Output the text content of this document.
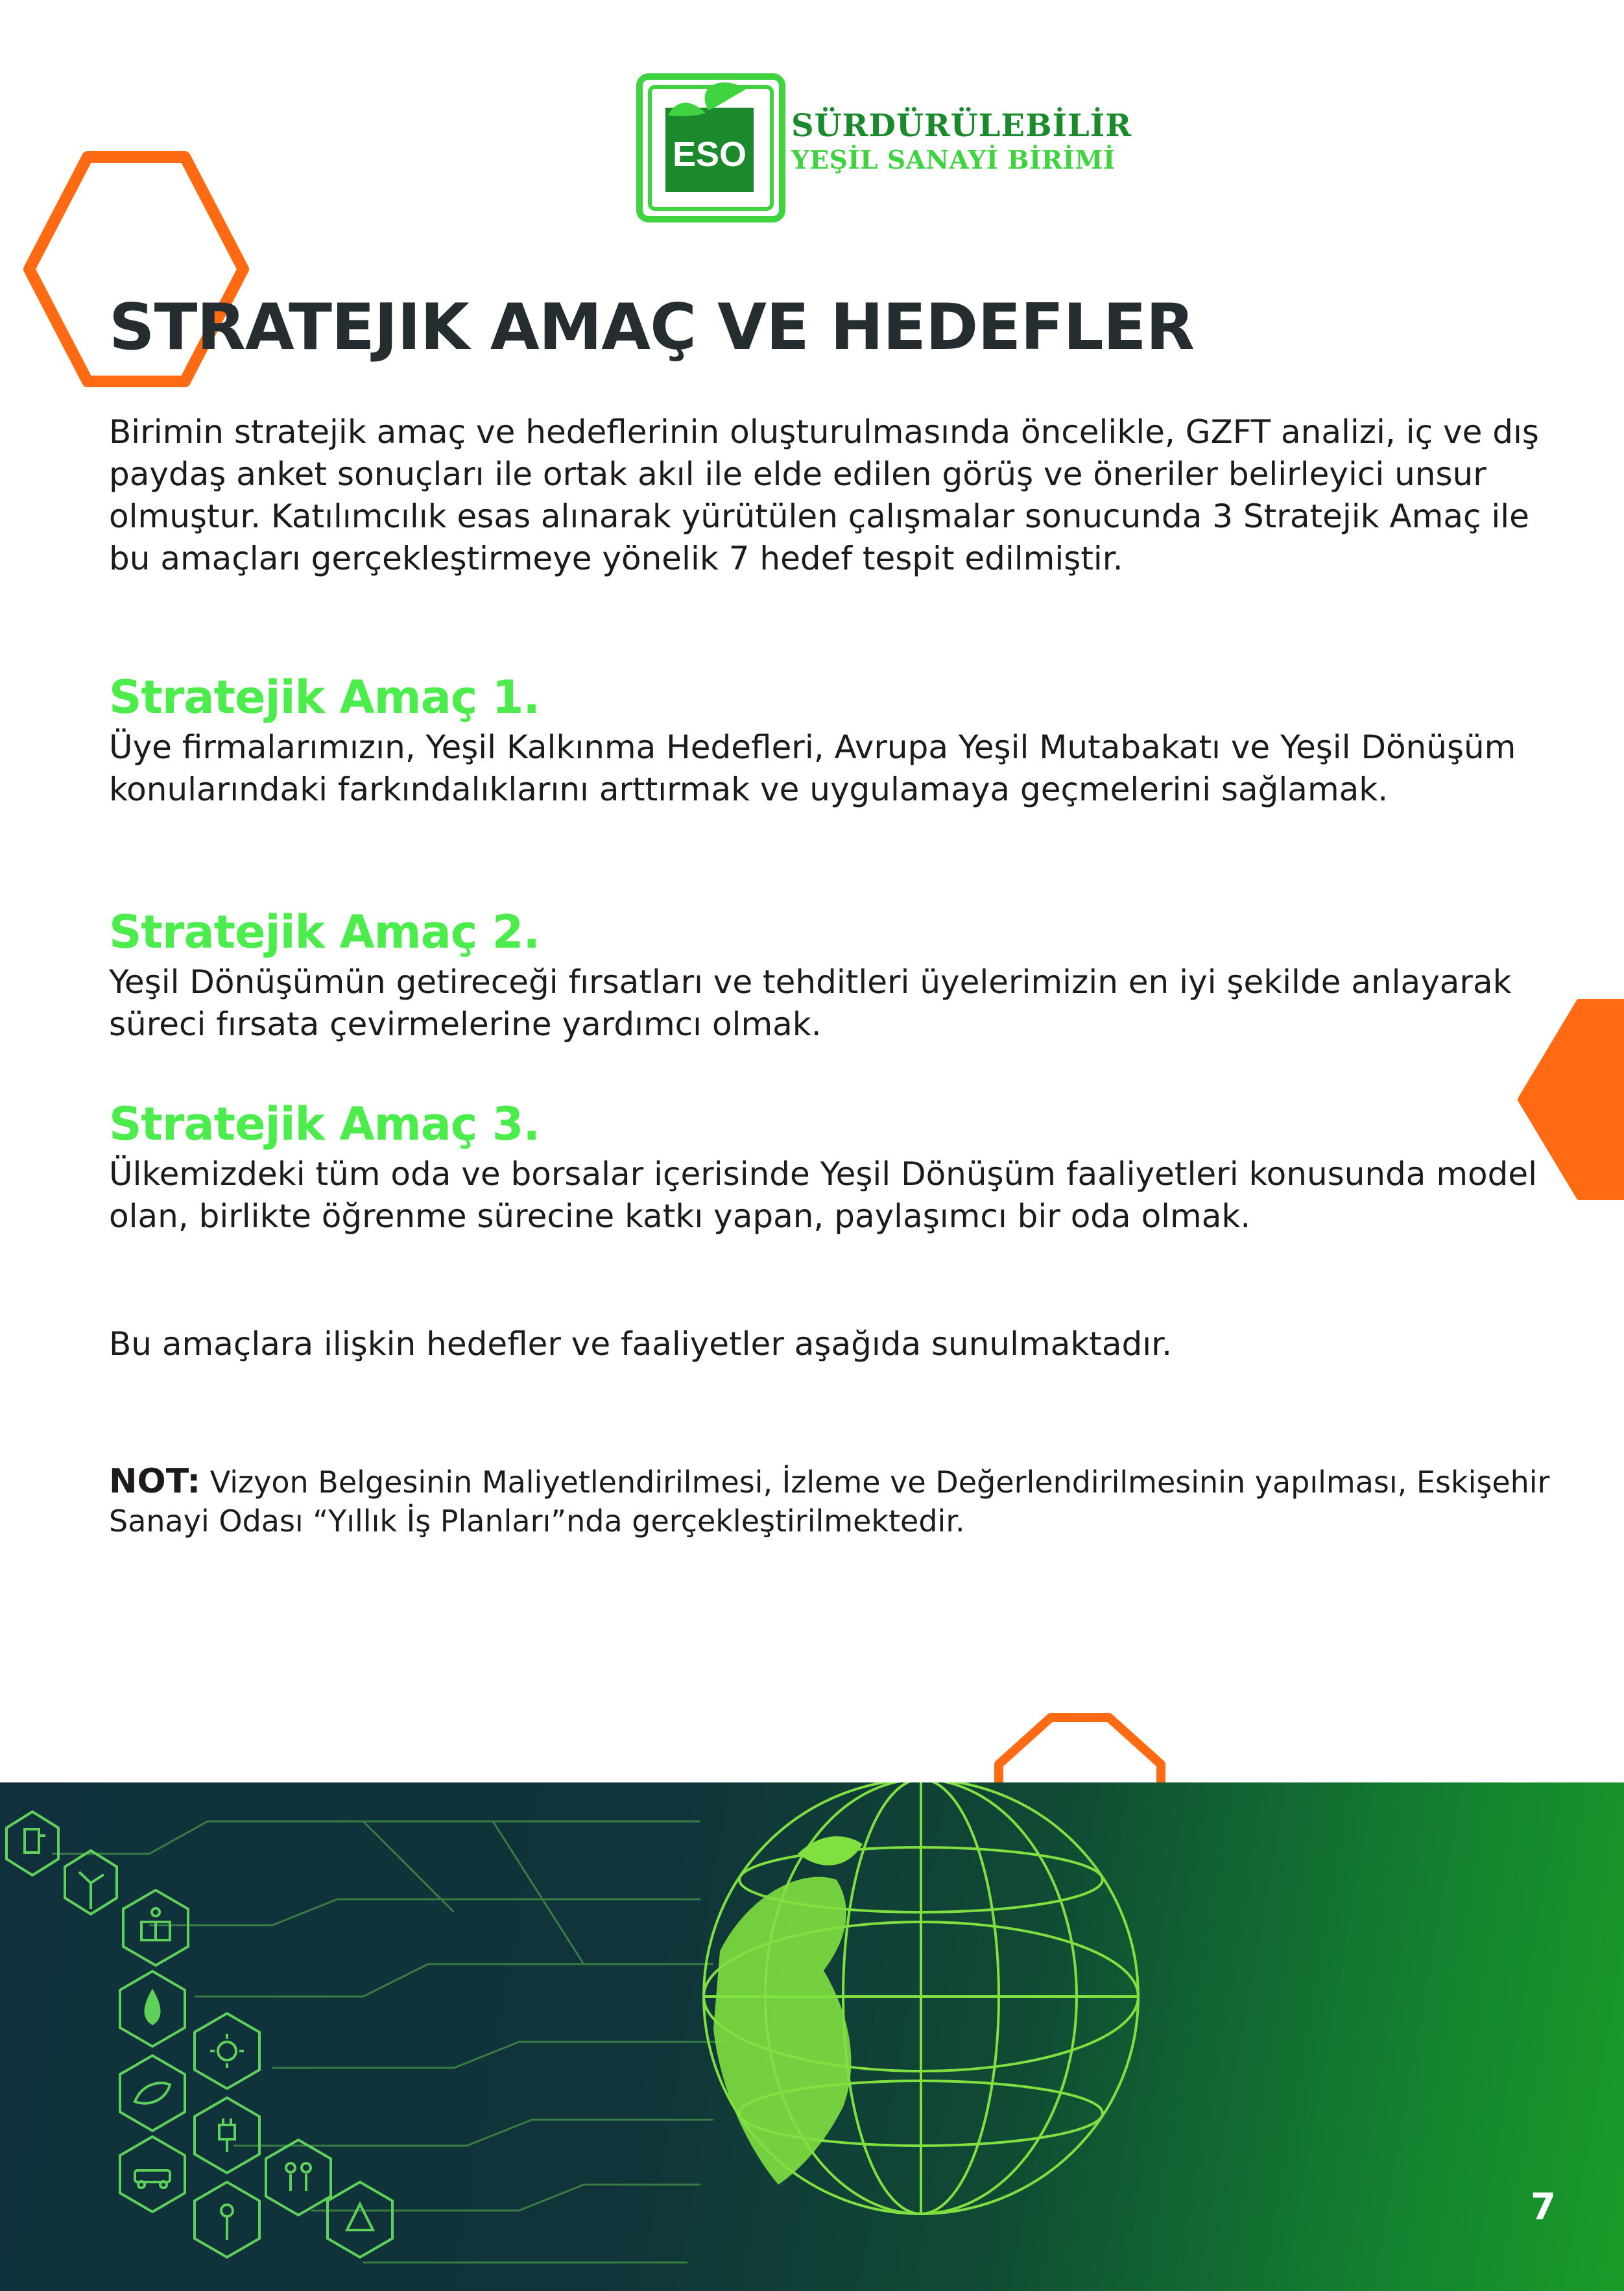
ESO
SÜRDÜRÜLEBİLİR
YEŞİL SANAYİ BİRİMİ
STRATEJIK AMAÇ VE HEDEFLER

Birimin stratejik amaç ve hedeflerinin oluşturulmasında öncelikle, GZFT analizi, iç ve dış paydaş anket sonuçları ile ortak akıl ile elde edilen görüş ve öneriler belirleyici unsur olmuştur. Katılımcılık esas alınarak yürütülen çalışmalar sonucunda 3 Stratejik Amaç ile bu amaçları gerçekleştirmeye yönelik 7 hedef tespit edilmiştir.

Stratejik Amaç 1.

Üye firmalarımızın, Yeşil Kalkınma Hedefleri, Avrupa Yeşil Mutabakatı ve Yeşil Dönüşüm konularındaki farkındalıklarını arttırmak ve uygulamaya geçmelerini sağlamak.

Stratejik Amaç 2.

Yeşil Dönüşümün getireceği fırsatları ve tehditleri üyelerimizin en iyi şekilde anlayarak süreci fırsata çevirmelerine yardımcı olmak.

Stratejik Amaç 3.

Ülkemizdeki tüm oda ve borsalar içerisinde Yeşil Dönüşüm faaliyetleri konusunda model olan, birlikte öğrenme sürecine katkı yapan, paylaşımcı bir oda olmak.

Bu amaçlara ilişkin hedefler ve faaliyetler aşağıda sunulmaktadır.

NOT: Vizyon Belgesinin Maliyetlendirilmesi, İzleme ve Değerlendirilmesinin yapılması, Eskişehir Sanayi Odası “Yıllık İş Planları”nda gerçekleştirilmektedir.

7
